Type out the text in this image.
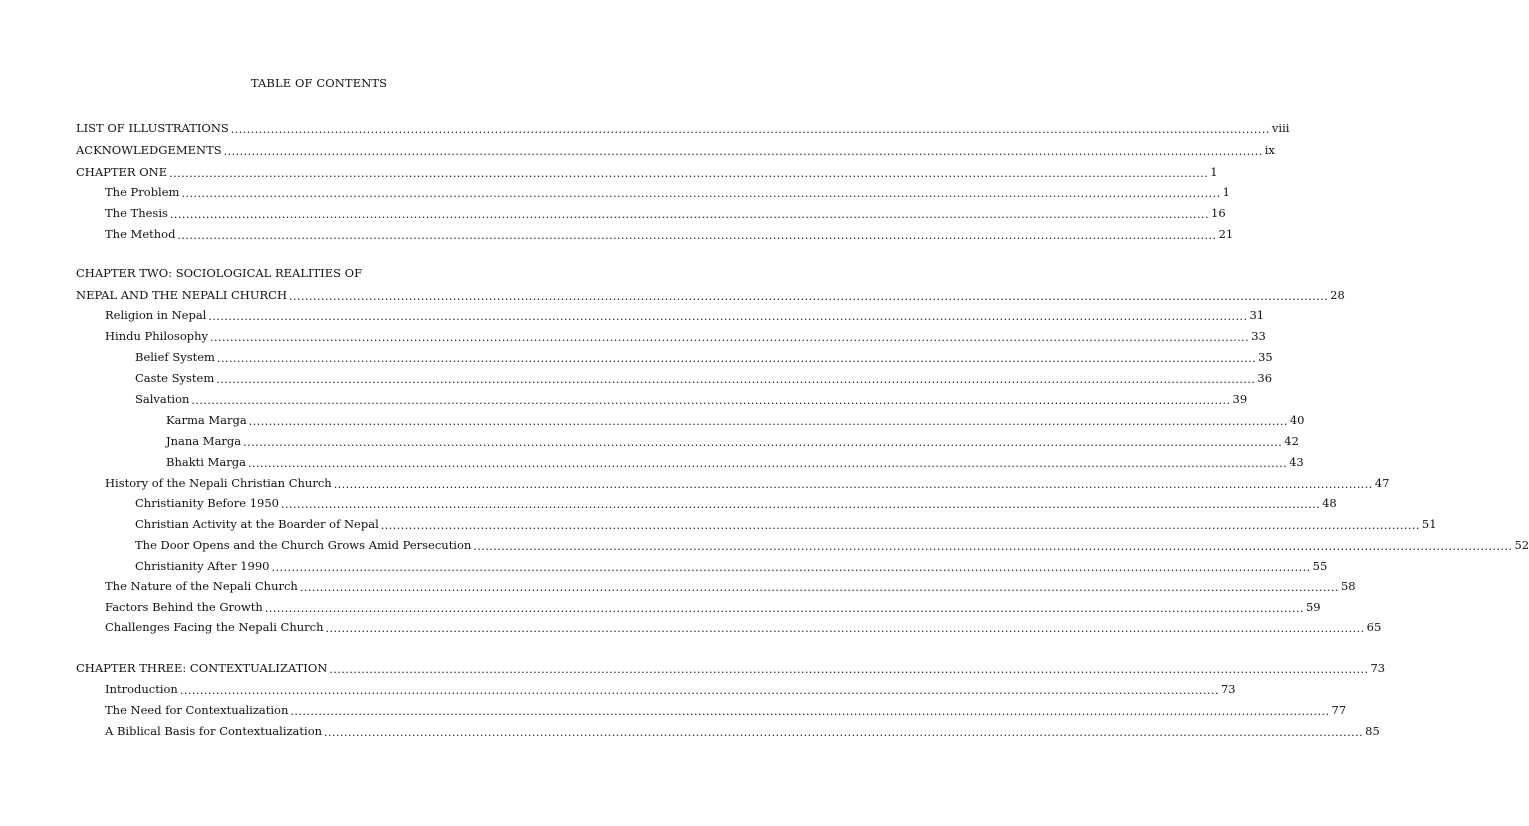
TABLE OF CONTENTS
LIST OF ILLUSTRATIONS .................................................................................................................................................................................................................................................................... viii
ACKNOWLEDGEMENTS .................................................................................................................................................................................................................................................................... ix
CHAPTER ONE .................................................................................................................................................................................................................................................................... 1
The Problem .................................................................................................................................................................................................................................................................... 1
The Thesis .................................................................................................................................................................................................................................................................... 16
The Method .................................................................................................................................................................................................................................................................... 21
CHAPTER TWO: SOCIOLOGICAL REALITIES OF
NEPAL AND THE NEPALI CHURCH .................................................................................................................................................................................................................................................................... 28
Religion in Nepal .................................................................................................................................................................................................................................................................... 31
Hindu Philosophy .................................................................................................................................................................................................................................................................... 33
Belief System .................................................................................................................................................................................................................................................................... 35
Caste System .................................................................................................................................................................................................................................................................... 36
Salvation .................................................................................................................................................................................................................................................................... 39
Karma Marga .................................................................................................................................................................................................................................................................... 40
Jnana Marga .................................................................................................................................................................................................................................................................... 42
Bhakti Marga .................................................................................................................................................................................................................................................................... 43
History of the Nepali Christian Church .................................................................................................................................................................................................................................................................... 47
Christianity Before 1950 .................................................................................................................................................................................................................................................................... 48
Christian Activity at the Boarder of Nepal .................................................................................................................................................................................................................................................................... 51
The Door Opens and the Church Grows Amid Persecution .................................................................................................................................................................................................................................................................... 52
Christianity After 1990 .................................................................................................................................................................................................................................................................... 55
The Nature of the Nepali Church .................................................................................................................................................................................................................................................................... 58
Factors Behind the Growth .................................................................................................................................................................................................................................................................... 59
Challenges Facing the Nepali Church .................................................................................................................................................................................................................................................................... 65
CHAPTER THREE: CONTEXTUALIZATION .................................................................................................................................................................................................................................................................... 73
Introduction .................................................................................................................................................................................................................................................................... 73
The Need for Contextualization .................................................................................................................................................................................................................................................................... 77
A Biblical Basis for Contextualization .................................................................................................................................................................................................................................................................... 85
